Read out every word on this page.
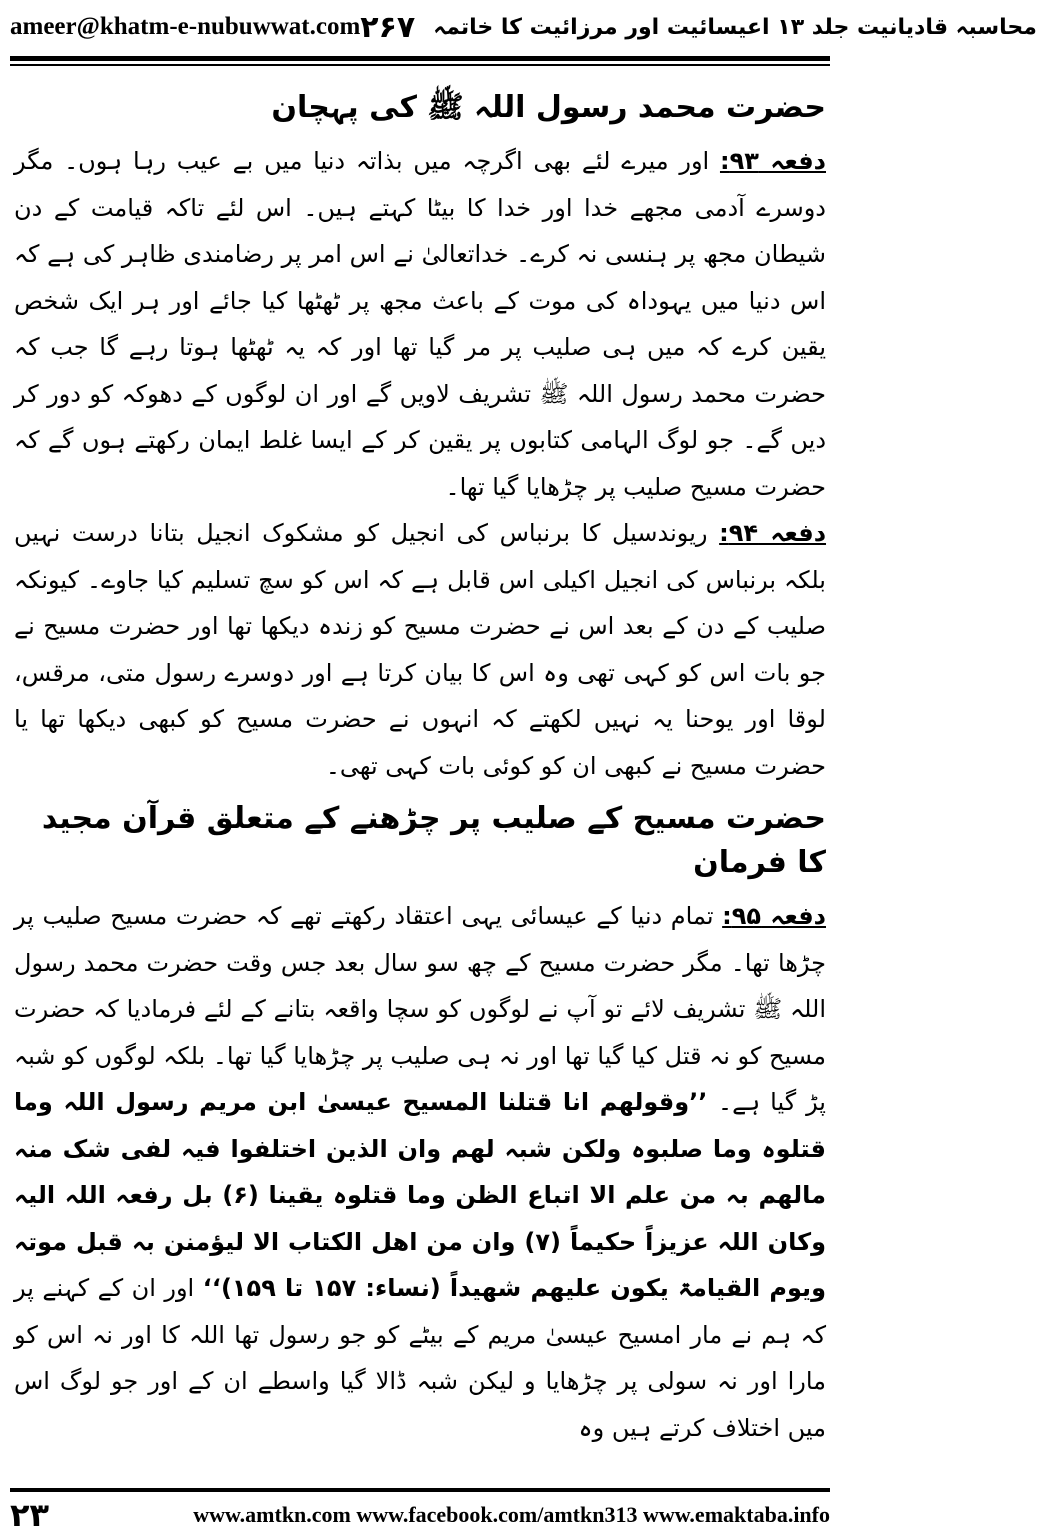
ameer@khatm-e-nubuwwat.com	محاسبہ قادیانیت جلد ۱۳ اعیسائیت اور مرزائیت کا خاتمہ
۲۶۷
حضرت محمد رسول اللہ ﷺ کی پہچان

دفعہ ۹۳: اور میرے لئے بھی اگرچہ میں بذاتہ دنیا میں بے عیب رہا ہوں۔ مگر دوسرے آدمی مجھے خدا اور خدا کا بیٹا کہتے ہیں۔ اس لئے تاکہ قیامت کے دن شیطان مجھ پر ہنسی نہ کرے۔ خداتعالیٰ نے اس امر پر رضامندی ظاہر کی ہے کہ اس دنیا میں یہوداہ کی موت کے باعث مجھ پر ٹھٹھا کیا جائے اور ہر ایک شخص یقین کرے کہ میں ہی صلیب پر مر گیا تھا اور کہ یہ ٹھٹھا ہوتا رہے گا جب کہ حضرت محمد رسول اللہ ﷺ تشریف لاویں گے اور ان لوگوں کے دھوکہ کو دور کر دیں گے۔ جو لوگ الہامی کتابوں پر یقین کر کے ایسا غلط ایمان رکھتے ہوں گے کہ حضرت مسیح صلیب پر چڑھایا گیا تھا۔

دفعہ ۹۴: ریوندسیل کا برنباس کی انجیل کو مشکوک انجیل بتانا درست نہیں بلکہ برنباس کی انجیل اکیلی اس قابل ہے کہ اس کو سچ تسلیم کیا جاوے۔ کیونکہ صلیب کے دن کے بعد اس نے حضرت مسیح کو زندہ دیکھا تھا اور حضرت مسیح نے جو بات اس کو کہی تھی وہ اس کا بیان کرتا ہے اور دوسرے رسول متی، مرقس، لوقا اور یوحنا یہ نہیں لکھتے کہ انہوں نے حضرت مسیح کو کبھی دیکھا تھا یا حضرت مسیح نے کبھی ان کو کوئی بات کہی تھی۔

حضرت مسیح کے صلیب پر چڑھنے کے متعلق قرآن مجید کا فرمان

دفعہ ۹۵: تمام دنیا کے عیسائی یہی اعتقاد رکھتے تھے کہ حضرت مسیح صلیب پر چڑھا تھا۔ مگر حضرت مسیح کے چھ سو سال بعد جس وقت حضرت محمد رسول اللہ ﷺ تشریف لائے تو آپ نے لوگوں کو سچا واقعہ بتانے کے لئے فرمادیا کہ حضرت مسیح کو نہ قتل کیا گیا تھا اور نہ ہی صلیب پر چڑھایا گیا تھا۔ بلکہ لوگوں کو شبہ پڑ گیا ہے۔ ’’وقولھم انا قتلنا المسیح عیسیٰ ابن مریم رسول اللہ وما قتلوہ وما صلبوہ ولکن شبہ لھم وان الذین اختلفوا فیہ لفی شک منہ مالھم بہ من علم الا اتباع الظن وما قتلوہ یقینا (۶) بل رفعہ اللہ الیہ وکان اللہ عزیزاً حکیماً (۷) وان من اھل الکتاب الا لیؤمنن بہ قبل موتہ ویوم القیامۃ یکون علیھم شھیداً (نساء: ۱۵۷ تا ۱۵۹)‘‘ اور ان کے کہنے پر کہ ہم نے مار امسیح عیسیٰ مریم کے بیٹے کو جو رسول تھا اللہ کا اور نہ اس کو مارا اور نہ سولی پر چڑھایا و لیکن شبہ ڈالا گیا واسطے ان کے اور جو لوگ اس میں اختلاف کرتے ہیں وہ

۲۳	www.amtkn.com www.facebook.com/amtkn313 www.emaktaba.info
